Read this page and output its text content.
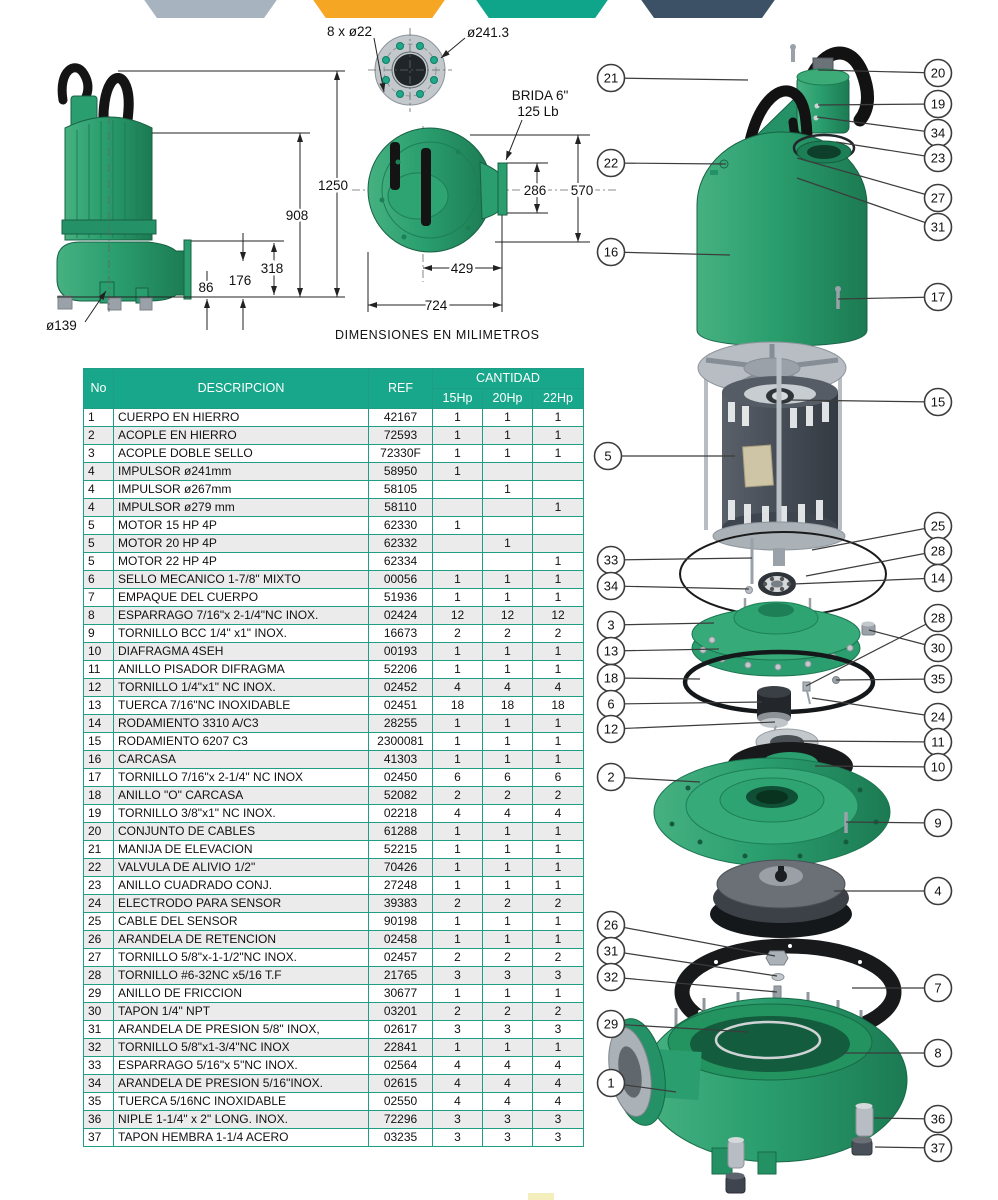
1250
908
318
176
86
ø139
8 x ø22	ø241.3
286 570
429
724
BRIDA 6"
125 Lb
DIMENSIONES EN MILIMETROS
21
22
16
5
33
34
3
13
18
6
12
2
26
31
32
29
1
20
19
34
23
27
31
17
15
25
28
14
28
30
35
24
11
10
9
4
7
8
36
37
No	DESCRIPCION	REF	CANTIDAD		
			15Hp	20Hp	22Hp
1	CUERPO EN HIERRO	42167	1	1	1
2	ACOPLE EN HIERRO	72593	1	1	1
3	ACOPLE DOBLE SELLO	72330F	1	1	1
4	IMPULSOR ø241mm	58950	1		
4	IMPULSOR ø267mm	58105		1	
4	IMPULSOR ø279 mm	58110			1
5	MOTOR 15 HP 4P	62330	1		
5	MOTOR 20 HP 4P	62332		1	
5	MOTOR 22 HP 4P	62334			1
6	SELLO MECANICO 1-7/8" MIXTO	00056	1	1	1
7	EMPAQUE DEL CUERPO	51936	1	1	1
8	ESPARRAGO 7/16"x 2-1/4"NC INOX.	02424	12	12	12
9	TORNILLO BCC 1/4" x1" INOX.	16673	2	2	2
10	DIAFRAGMA 4SEH	00193	1	1	1
11	ANILLO PISADOR DIFRAGMA	52206	1	1	1
12	TORNILLO 1/4"x1" NC INOX.	02452	4	4	4
13	TUERCA 7/16"NC INOXIDABLE	02451	18	18	18
14	RODAMIENTO 3310 A/C3	28255	1	1	1
15	RODAMIENTO 6207 C3	2300081	1	1	1
16	CARCASA	41303	1	1	1
17	TORNILLO 7/16"x 2-1/4" NC INOX	02450	6	6	6
18	ANILLO "O" CARCASA	52082	2	2	2
19	TORNILLO 3/8"x1" NC INOX.	02218	4	4	4
20	CONJUNTO DE CABLES	61288	1	1	1
21	MANIJA DE ELEVACION	52215	1	1	1
22	VALVULA DE ALIVIO 1/2"	70426	1	1	1
23	ANILLO CUADRADO CONJ.	27248	1	1	1
24	ELECTRODO PARA SENSOR	39383	2	2	2
25	CABLE DEL SENSOR	90198	1	1	1
26	ARANDELA DE RETENCION	02458	1	1	1
27	TORNILLO 5/8"x-1-1/2"NC INOX.	02457	2	2	2
28	TORNILLO #6-32NC x5/16 T.F	21765	3	3	3
29	ANILLO DE FRICCION	30677	1	1	1
30	TAPON 1/4" NPT	03201	2	2	2
31	ARANDELA DE PRESION 5/8" INOX,	02617	3	3	3
32	TORNILLO 5/8"x1-3/4"NC INOX	22841	1	1	1
33	ESPARRAGO 5/16"x 5"NC INOX.	02564	4	4	4
34	ARANDELA DE PRESION 5/16"INOX.	02615	4	4	4
35	TUERCA 5/16NC INOXIDABLE	02550	4	4	4
36	NIPLE 1-1/4" x 2" LONG. INOX.	72296	3	3	3
37	TAPON HEMBRA 1-1/4 ACERO	03235	3	3	3
